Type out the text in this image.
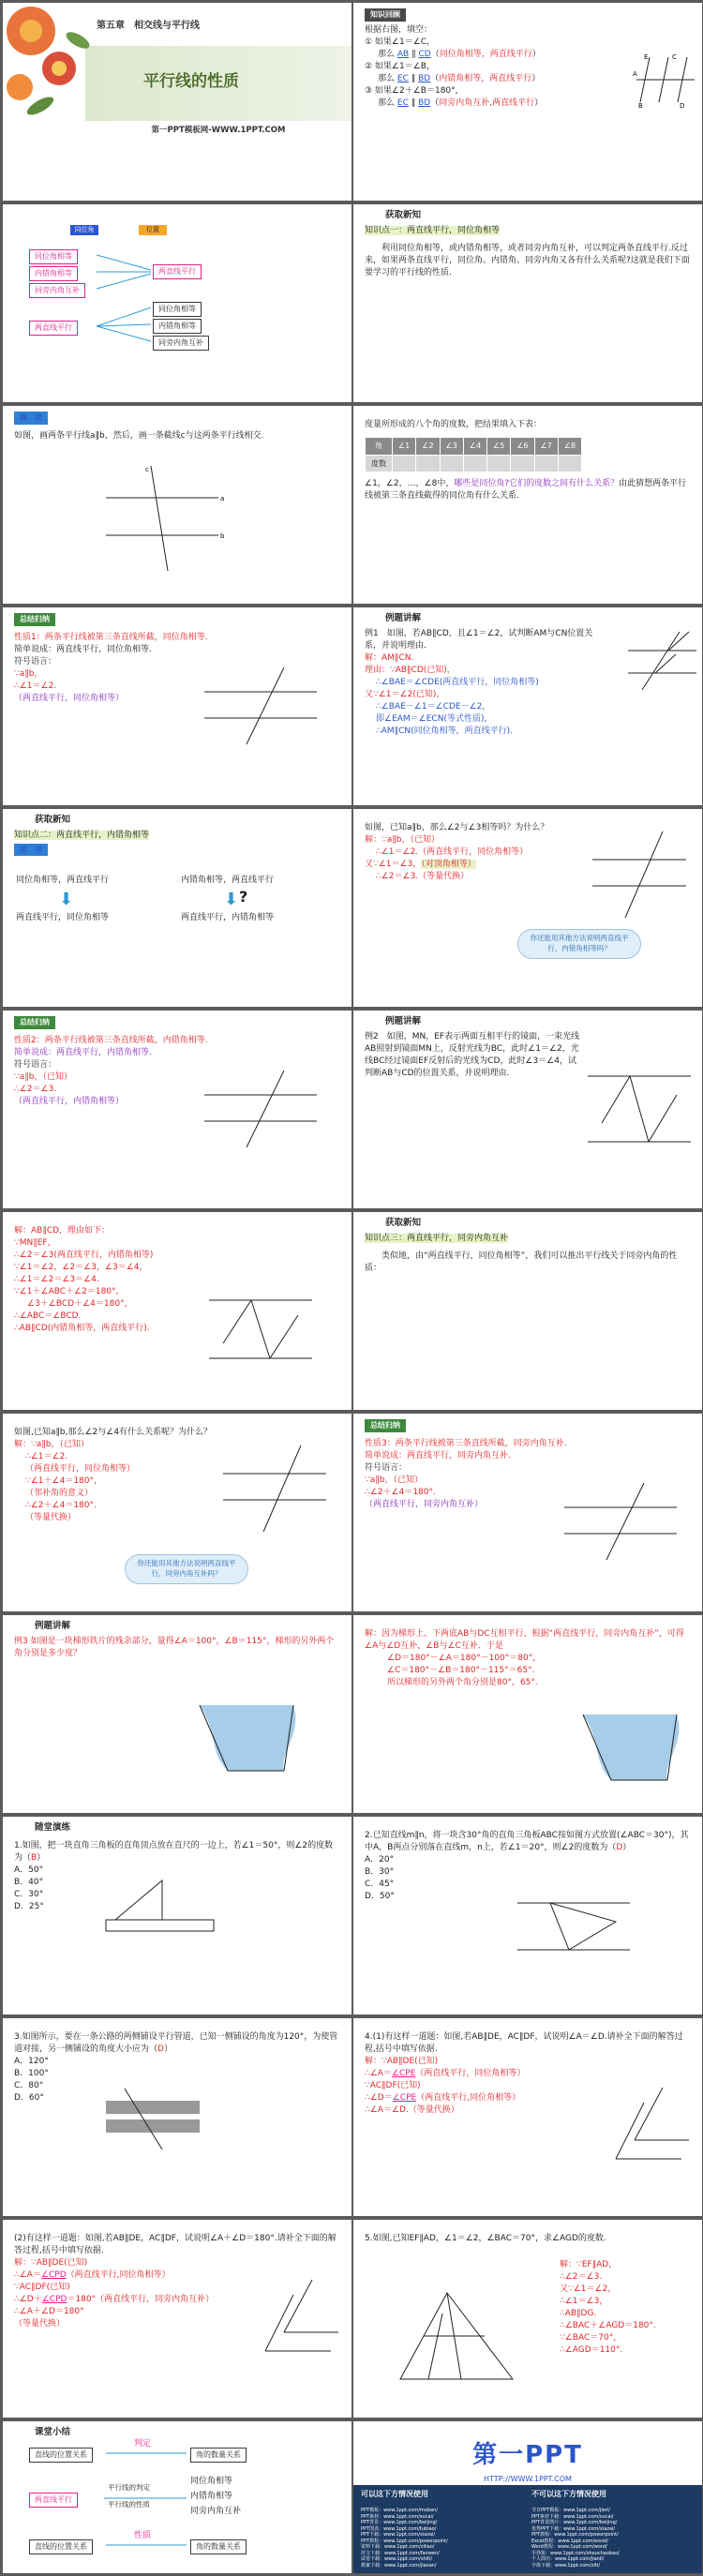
第五章　相交线与平行线
平行线的性质
第一PPT模板网-WWW.1PPT.COM
知识回顾
根据右图，填空：
① 如果∠1＝∠C，
那么 AB ∥ CD（同位角相等，两直线平行）
② 如果∠1＝∠B，
那么 EC ∥ BD（内错角相等，两直线平行）
③ 如果∠2＋∠B＝180°，
那么 EC ∥ BD（同旁内角互补,两直线平行）
A
E	C
B	D
同位角	位置
同位角相等
内错角相等
同旁内角互补
两直线平行
两直线平行
同位角相等
内错角相等
同旁内角互补
获取新知
知识点一：两直线平行，同位角相等
利用同位角相等，或内错角相等，或者同旁内角互补，可以判定两条直线平行.反过来，如果两条直线平行，同位角、内错角、同旁内角又各有什么关系呢?这就是我们下面要学习的平行线的性质.
探　究
如图，画两条平行线a∥b，然后，画一条截线c与这两条平行线相交.
c
a
b
度量所形成的八个角的度数，把结果填入下表：
角	∠1	∠2	∠3	∠4	∠5	∠6	∠7	∠8
度数								
∠1，∠2，…，∠8中，哪些是同位角?它们的度数之间有什么关系？由此猜想两条平行线被第三条直线截得的同位角有什么关系.
总结归纳
性质1：两条平行线被第三条直线所截，同位角相等.
简单说成：两直线平行，同位角相等.
符号语言：
∵a∥b，
∴∠1＝∠2.
（两直线平行，同位角相等）
例题讲解
例1　如图，若AB∥CD，且∠1＝∠2，试判断AM与CN位置关系，并说明理由.
解：AM∥CN.
理由：∵AB∥CD(已知)，
∴∠BAE＝∠CDE(两直线平行，同位角相等)
又∵∠1＝∠2(已知)，
∴∠BAE－∠1＝∠CDE－∠2，
即∠EAM＝∠ECN(等式性质)，
∴AM∥CN(同位角相等，两直线平行)．
获取新知
知识点二：两直线平行，内错角相等
思　考
同位角相等，两直线平行	内错角相等，两直线平行
⬇	⬇ ?
两直线平行，同位角相等	两直线平行，内错角相等
如图，已知a∥b，那么∠2与∠3相等吗？为什么？
解：∵a∥b，（已知）
∴∠1＝∠2.（两直线平行，同位角相等）
又∵∠1＝∠3，（对顶角相等）
∴∠2＝∠3.（等量代换）
你还能用其他方法说明两直线平行，内错角相等吗？
总结归纳
性质2：两条平行线被第三条直线所截，内错角相等.
简单说成：两直线平行，内错角相等.
符号语言：
∵a∥b，（已知）
∴∠2＝∠3.
（两直线平行，内错角相等）
例题讲解
例2　如图，MN，EF表示两面互相平行的镜面，一束光线AB照射到镜面MN上，反射光线为BC，此时∠1＝∠2，光线BC经过镜面EF反射后的光线为CD，此时∠3＝∠4，试判断AB与CD的位置关系，并说明理由.
解：AB∥CD，理由如下：
∵MN∥EF，
∴∠2＝∠3(两直线平行，内错角相等)
∵∠1＝∠2，∠2＝∠3，∠3＝∠4，
∴∠1＝∠2＝∠3＝∠4.
∵∠1＋∠ABC＋∠2＝180°，
∠3＋∠BCD＋∠4＝180°，
∴∠ABC＝∠BCD.
∴AB∥CD(内错角相等，两直线平行).
获取新知
知识点三：两直线平行，同旁内角互补
类似地，由“两直线平行，同位角相等”，我们可以推出平行线关于同旁内角的性质：
如图,已知a∥b,那么∠2与∠4有什么关系呢？为什么？
解：∵a∥b，（已知）
∴∠1＝∠2.
（两直线平行，同位角相等）
∵∠1＋∠4＝180°，
（邻补角的意义）
∴∠2＋∠4＝180°.
（等量代换）
你还能用其他方法说明两直线平行，同旁内角互补吗？
总结归纳
性质3：两条平行线被第三条直线所截，同旁内角互补.
简单说成：两直线平行，同旁内角互补.
符号语言：
∵a∥b，（已知）
∴∠2＋∠4＝180°.
（两直线平行，同旁内角互补）
例题讲解
例3 如图是一块梯形铁片的残余部分，量得∠A＝100°，∠B＝115°，梯形的另外两个角分别是多少度？
解：因为梯形上、下两底AB与DC互相平行，根据“两直线平行，同旁内角互补”，可得∠A与∠D互补，∠B与∠C互补．于是
∠D＝180°－∠A＝180°－100°＝80°，
∠C＝180°－∠B＝180°－115°＝65°.
所以梯形的另外两个角分别是80°，65°.
随堂演练
1.如图，把一块直角三角板的直角顶点放在直尺的一边上，若∠1＝50°，则∠2的度数为（B）
A．50°
B．40°
C．30°
D．25°
2.已知直线m∥n，将一块含30°角的直角三角板ABC按如图方式放置(∠ABC＝30°)，其中A，B两点分别落在直线m，n上，若∠1＝20°，则∠2的度数为（D）
A．20°
B．30°
C．45°
D．50°
3.如图所示，要在一条公路的两侧铺设平行管道，已知一侧铺设的角度为120°，为使管道对接，另一侧铺设的角度大小应为（D）
A．120°
B．100°
C．80°
D．60°
4.(1)有这样一道题：如图,若AB∥DE，AC∥DF，试说明∠A＝∠D.请补全下面的解答过程,括号中填写依据.
解：∵AB∥DE(已知)
∴∠A＝∠CPE（两直线平行，同位角相等）
∵AC∥DF(已知)
∴∠D＝∠CPE（两直线平行,同位角相等）
∴∠A＝∠D.（等量代换）
(2)有这样一道题：如图,若AB∥DE，AC∥DF，试说明∠A＋∠D＝180°.请补全下面的解答过程,括号中填写依据.
解：∵AB∥DE(已知)
∴∠A＝∠CPD（两直线平行,同位角相等）
∵AC∥DF(已知)
∴∠D＋∠CPD＝180°（两直线平行，同旁内角互补）
∴∠A＋∠D＝180°
（等量代换）
5.如图,已知EF∥AD，∠1＝∠2，∠BAC＝70°，求∠AGD的度数.
解：∵EF∥AD，
∴∠2＝∠3.
又∵∠1＝∠2，
∴∠1＝∠3，
∴AB∥DG.
∴∠BAC＋∠AGD＝180°.
∵∠BAC＝70°，
∴∠AGD＝110°.
课堂小结
直线的位置关系
判定
角的数量关系
两直线平行
平行线的判定
平行线的性质
同位角相等
内错角相等
同旁内角互补
直线的位置关系
性质
角的数量关系
第一PPT
HTTP://WWW.1PPT.COM
可以这下方情况使用	不可以这下方情况使用
PPT模板：www.1ppt.com/moban/
PPT素材：www.1ppt.com/sucai/
PPT背景：www.1ppt.com/beijing/
PPT图表：www.1ppt.com/tubiao/
PPT下载：www.1ppt.com/xiazai/
PPT教程：www.1ppt.com/powerpoint/
资料下载：www.1ppt.com/ziliao/
范文下载：www.1ppt.com/fanwen/
试卷下载：www.1ppt.com/shiti/
教案下载：www.1ppt.com/jiaoan/
节日PPT模板：www.1ppt.com/jieri/
PPT素材下载：www.1ppt.com/sucai/
PPT背景图片：www.1ppt.com/beijing/
优秀PPT下载：www.1ppt.com/xiazai/
PPT教程：www.1ppt.com/powerpoint/
Excel教程：www.1ppt.com/excel/
Word教程：www.1ppt.com/word/
手抄报：www.1ppt.com/shouchaobao/
个人简历：www.1ppt.com/jianli/
字体下载：www.1ppt.com/ziti/
